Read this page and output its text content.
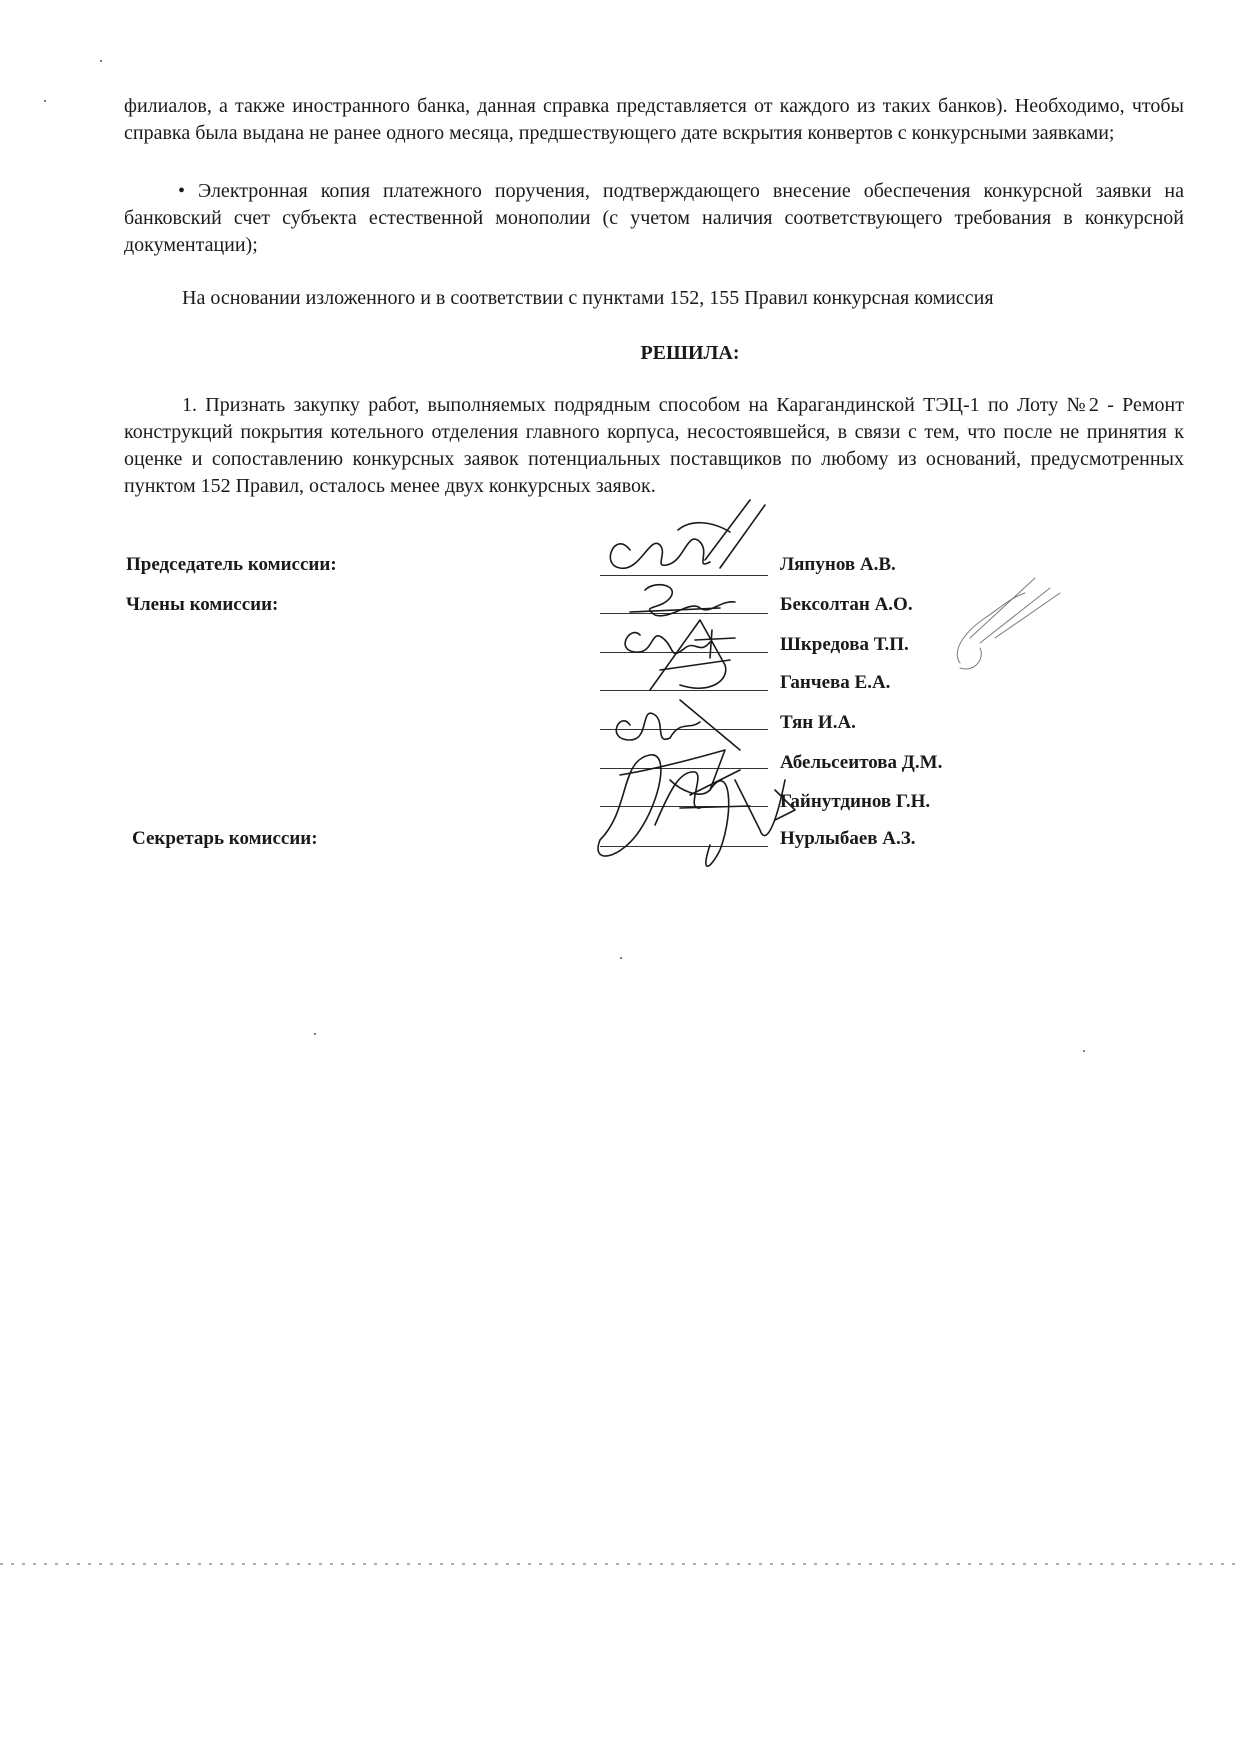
филиалов, а также иностранного банка, данная справка представляется от каждого из таких банков). Необходимо, чтобы справка была выдана не ранее одного месяца, предшествующего дате вскрытия конвертов с конкурсными заявками;

• Электронная копия платежного поручения, подтверждающего внесение обеспечения конкурсной заявки на банковский счет субъекта естественной монополии (с учетом наличия соответствующего требования в конкурсной документации);

На основании изложенного и в соответствии с пунктами 152, 155 Правил конкурсная комиссия

РЕШИЛА:

1. Признать закупку работ, выполняемых подрядным способом на Карагандинской ТЭЦ-1 по Лоту №2 - Ремонт конструкций покрытия котельного отделения главного корпуса, несостоявшейся, в связи с тем, что после не принятия к оценке и сопоставлению конкурсных заявок потенциальных поставщиков по любому из оснований, предусмотренных пунктом 152 Правил, осталось менее двух конкурсных заявок.

Председатель комиссии:
Члены комиссии:
Секретарь комиссии:
Ляпунов А.В.
Бексолтан А.О.
Шкредова Т.П.
Ганчева Е.А.
Тян И.А.
Абельсеитова Д.М.
Гайнутдинов Г.Н.
Нурлыбаев А.З.
